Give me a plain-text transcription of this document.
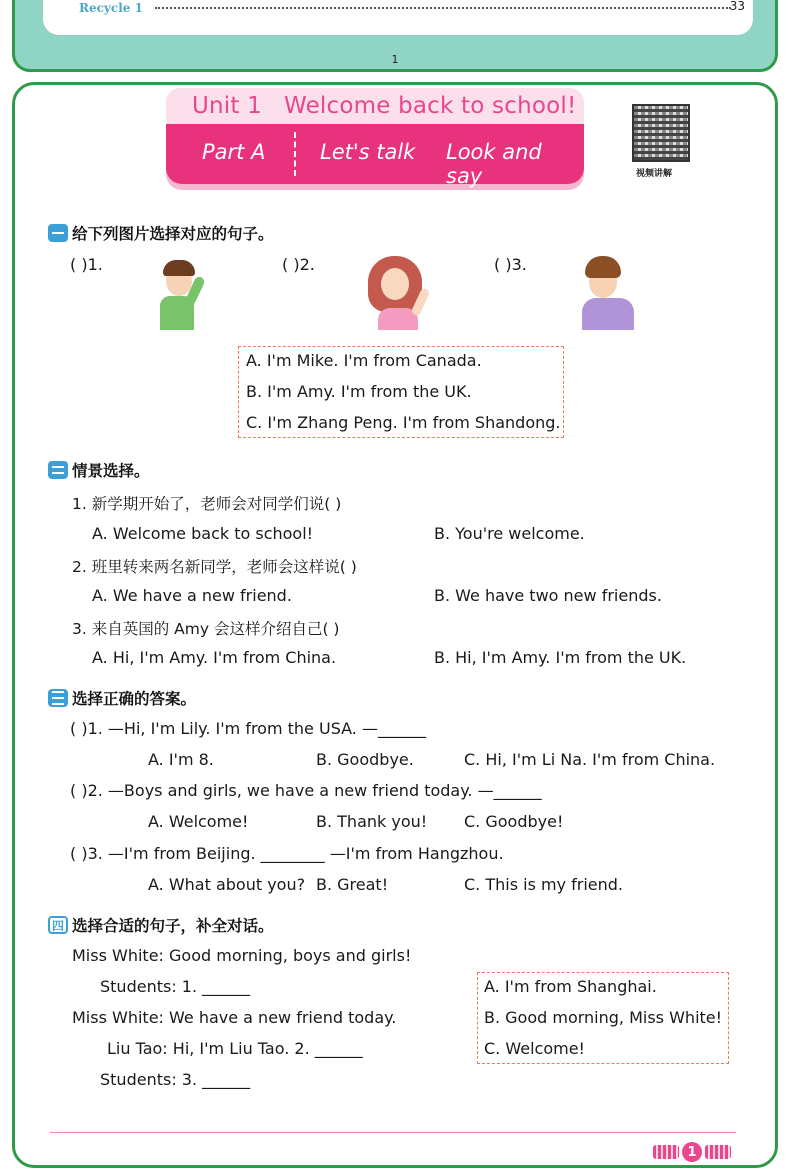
Recycle 1	33
1
Unit 1 Welcome back to school!
Part A	Let's talk Look and say	视频讲解
给下列图片选择对应的句子。
( )1.	( )2.	( )3.
A. I'm Mike. I'm from Canada.
B. I'm Amy. I'm from the UK.
C. I'm Zhang Peng. I'm from Shandong.
情景选择。
1. 新学期开始了，老师会对同学们说( )
A. Welcome back to school!	B. You're welcome.
2. 班里转来两名新同学，老师会这样说( )
A. We have a new friend.	B. We have two new friends.
3. 来自英国的 Amy 会这样介绍自己( )
A. Hi, I'm Amy. I'm from China.	B. Hi, I'm Amy. I'm from the UK.
选择正确的答案。
( )1. —Hi, I'm Lily. I'm from the USA. —______
A. I'm 8.	B. Goodbye.	C. Hi, I'm Li Na. I'm from China.
( )2. —Boys and girls, we have a new friend today. —______
A. Welcome!	B. Thank you! C. Goodbye!
( )3. —I'm from Beijing. ________ —I'm from Hangzhou.
A. What about you? B. Great!	C. This is my friend.
四 选择合适的句子，补全对话。
Miss White: Good morning, boys and girls!
Students: 1. ______
Miss White: We have a new friend today.
Liu Tao: Hi, I'm Liu Tao. 2. ______
Students: 3. ______
A. I'm from Shanghai.
B. Good morning, Miss White!
C. Welcome!
1
